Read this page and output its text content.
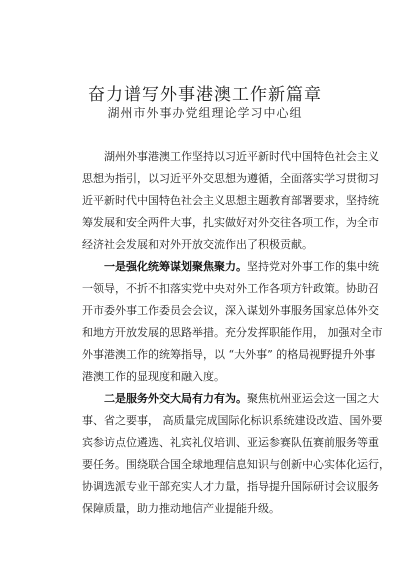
奋力谱写外事港澳工作新篇章
湖州市外事办党组理论学习中心组
湖州外事港澳工作坚持以习近平新时代中国特色社会主义
思想为指引，以习近平外交思想为遵循，全面落实学习贯彻习
近平新时代中国特色社会主义思想主题教育部署要求，坚持统
筹发展和安全两件大事，扎实做好对外交往各项工作，为全市
经济社会发展和对外开放交流作出了积极贡献。
一是强化统筹谋划聚焦聚力。坚持党对外事工作的集中统
一领导，不折不扣落实党中央对外工作各项方针政策。协助召
开市委外事工作委员会会议，深入谋划外事服务国家总体外交
和地方开放发展的思路举措。充分发挥职能作用， 加强对全市
外事港澳工作的统筹指导，以 “大外事” 的格局视野提升外事
港澳工作的显现度和融入度。
二是服务外交大局有力有为。聚焦杭州亚运会这一国之大
事、省之要事， 高质量完成国际化标识系统建设改造、国外要
宾参访点位遴选、礼宾礼仪培训、亚运参赛队伍赛前服务等重
要任务。围绕联合国全球地理信息知识与创新中心实体化运行，
协调选派专业干部充实人才力量，指导提升国际研讨会议服务
保障质量，助力推动地信产业提能升级。
